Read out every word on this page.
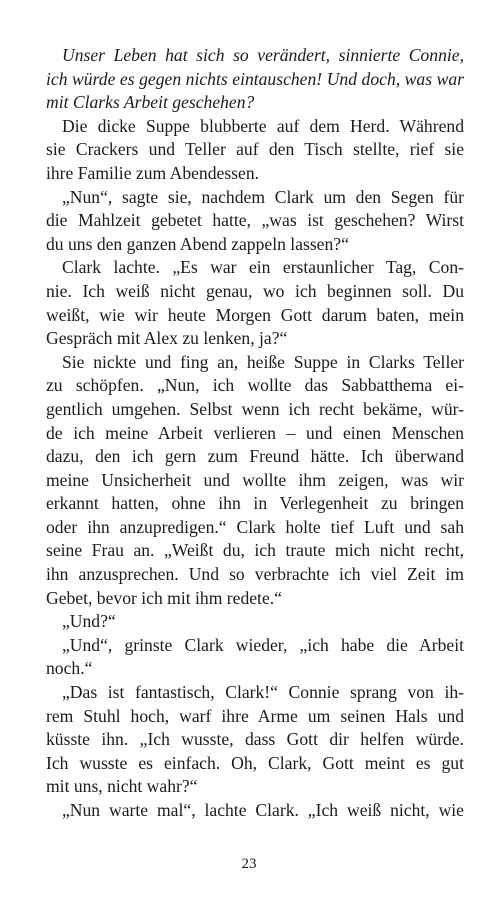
Unser Leben hat sich so verändert, sinnierte Connie,
ich würde es gegen nichts eintauschen! Und doch, was war
mit Clarks Arbeit geschehen?
Die dicke Suppe blubberte auf dem Herd. Während
sie Crackers und Teller auf den Tisch stellte, rief sie
ihre Familie zum Abendessen.
„Nun“, sagte sie, nachdem Clark um den Segen für
die Mahlzeit gebetet hatte, „was ist geschehen? Wirst
du uns den ganzen Abend zappeln lassen?“
Clark lachte. „Es war ein erstaunlicher Tag, Con-
nie. Ich weiß nicht genau, wo ich beginnen soll. Du
weißt, wie wir heute Morgen Gott darum baten, mein
Gespräch mit Alex zu lenken, ja?“
Sie nickte und fing an, heiße Suppe in Clarks Teller
zu schöpfen. „Nun, ich wollte das Sabbatthema ei-
gentlich umgehen. Selbst wenn ich recht bekäme, wür-
de ich meine Arbeit verlieren – und einen Menschen
dazu, den ich gern zum Freund hätte. Ich überwand
meine Unsicherheit und wollte ihm zeigen, was wir
erkannt hatten, ohne ihn in Verlegenheit zu bringen
oder ihn anzupredigen.“ Clark holte tief Luft und sah
seine Frau an. „Weißt du, ich traute mich nicht recht,
ihn anzusprechen. Und so verbrachte ich viel Zeit im
Gebet, bevor ich mit ihm redete.“
„Und?“
„Und“, grinste Clark wieder, „ich habe die Arbeit
noch.“
„Das ist fantastisch, Clark!“ Connie sprang von ih-
rem Stuhl hoch, warf ihre Arme um seinen Hals und
küsste ihn. „Ich wusste, dass Gott dir helfen würde.
Ich wusste es einfach. Oh, Clark, Gott meint es gut
mit uns, nicht wahr?“
„Nun warte mal“, lachte Clark. „Ich weiß nicht, wie
23
